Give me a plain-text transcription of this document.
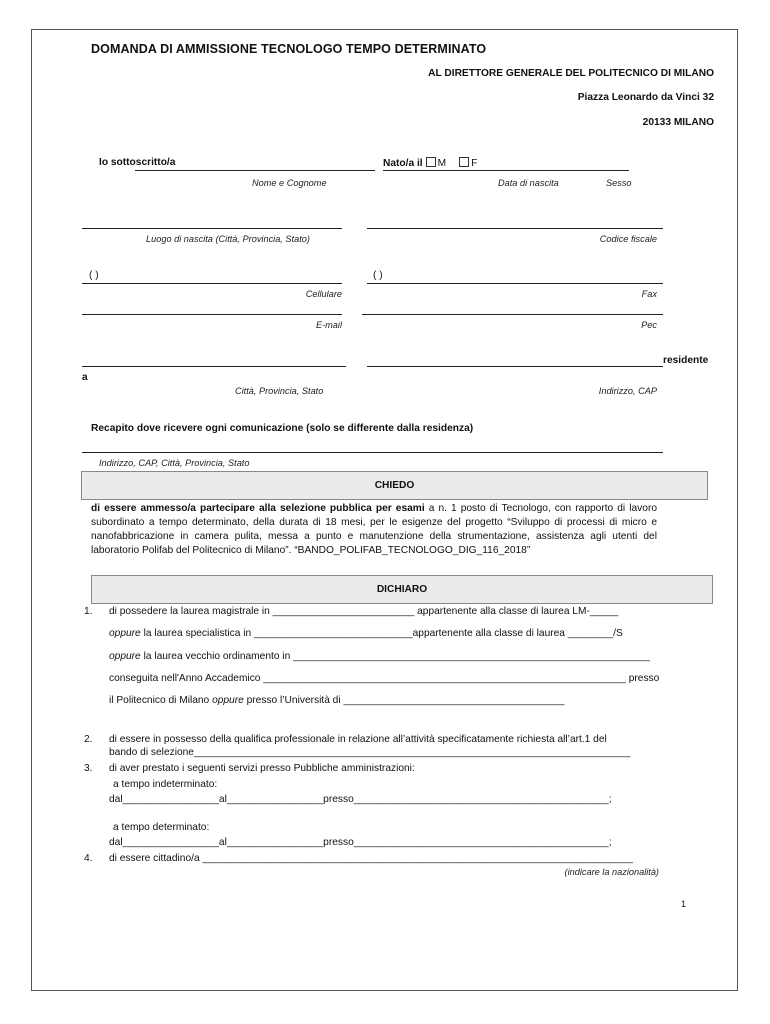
DOMANDA DI AMMISSIONE TECNOLOGO TEMPO DETERMINATO
AL DIRETTORE GENERALE DEL POLITECNICO DI MILANO
Piazza Leonardo da Vinci 32
20133 MILANO
Io sottoscritto/a	Nato/a il M F
Nome e Cognome	Data di nascita	Sesso
Luogo di nascita (Città, Provincia, Stato)	Codice fiscale
( )	( )
Cellulare	Fax
E-mail	Pec
residente
a
Città, Provincia, Stato	Indirizzo, CAP
Recapito dove ricevere ogni comunicazione (solo se differente dalla residenza)
Indirizzo, CAP, Città, Provincia, Stato
CHIEDO
di essere ammesso/a partecipare alla selezione pubblica per esami a n. 1 posto di Tecnologo, con rapporto di lavoro subordinato a tempo determinato, della durata di 18 mesi, per le esigenze del progetto “Sviluppo di processi di micro e nanofabbricazione in camera pulita, messa a punto e manutenzione della strumentazione, assistenza agli utenti del laboratorio Polifab del Politecnico di Milano”. “BANDO_POLIFAB_TECNOLOGO_DIG_116_2018”
DICHIARO
1. di possedere la laurea magistrale in _________________________ appartenente alla classe di laurea LM-_____
oppure la laurea specialistica in ____________________________appartenente alla classe di laurea ________/S
oppure la laurea vecchio ordinamento in _______________________________________________________________
conseguita nell'Anno Accademico ________________________________________________________________ presso
il Politecnico di Milano oppure presso l’Università di _______________________________________
2. di essere in possesso della qualifica professionale in relazione all’attività specificatamente richiesta all’art.1 del
bando di selezione_____________________________________________________________________________
3. di aver prestato i seguenti servizi presso Pubbliche amministrazioni:
a tempo indeterminato:
dal_________________al_________________presso_____________________________________________;
a tempo determinato:
dal_________________al_________________presso_____________________________________________;
4. di essere cittadino/a ____________________________________________________________________________
(indicare la nazionalità)
1
